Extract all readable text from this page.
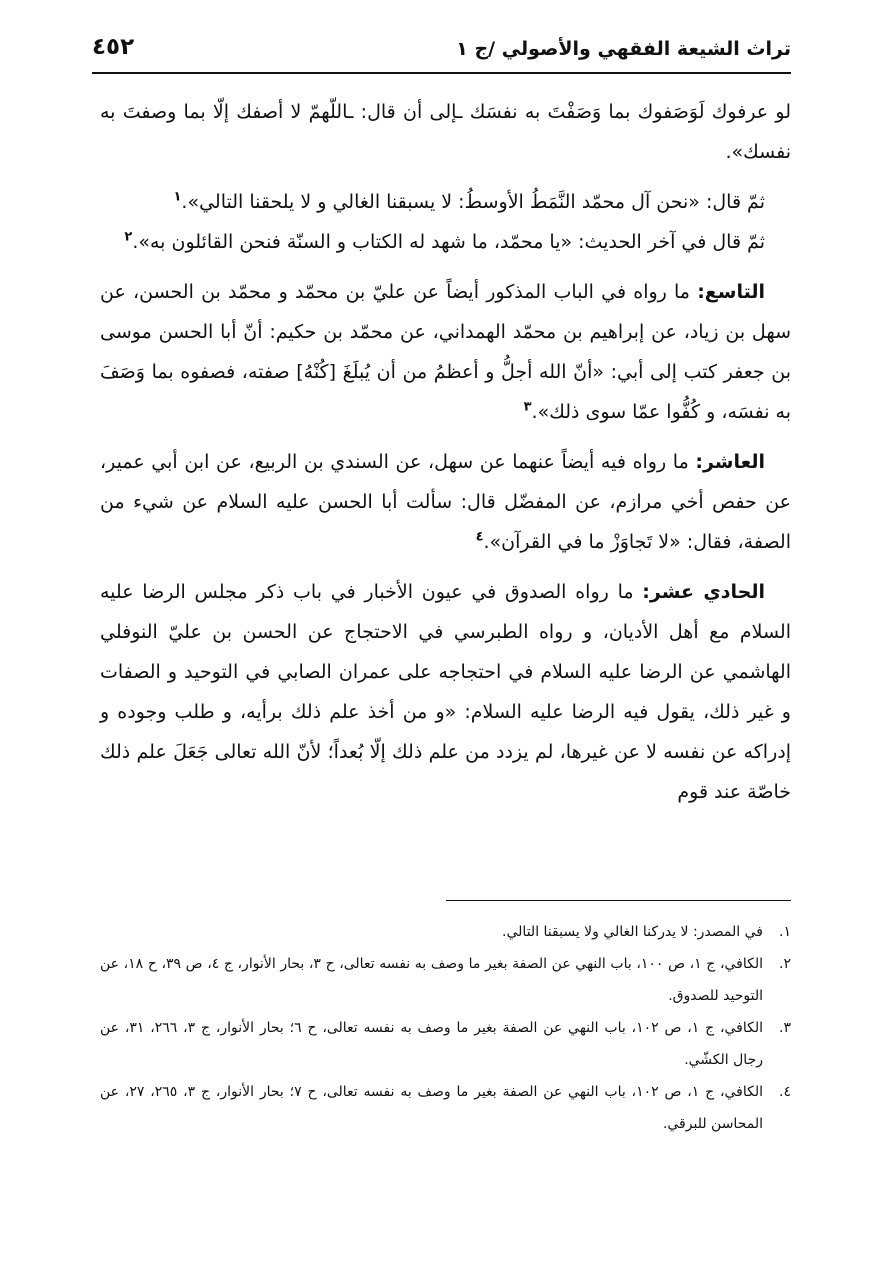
تراث الشيعة الفقهي والأصولي /ج ١
٤٥٢

لو عرفوك لَوَصَفوك بما وَصَفْتَ به نفسَك ـإلى أن قال: ـاللّهمّ لا أصفك إلّا بما وصفتَ به نفسك».

ثمّ قال: «نحن آل محمّد النَّمَطُ الأوسطُ: لا يسبقنا الغالي و لا يلحقنا التالي».$^١$

ثمّ قال في آخر الحديث: «يا محمّد، ما شهد له الكتاب و السنّة فنحن القائلون به».$^٢$

التاسع: ما رواه في الباب المذكور أيضاً عن عليّ بن محمّد و محمّد بن الحسن، عن سهل بن زياد، عن إبراهيم بن محمّد الهمداني، عن محمّد بن حكيم: أنّ أبا الحسن موسى بن جعفر كتب إلى أبي: «أنّ الله أجلُّ و أعظمُ من أن يُبلَغَ [كُنْهُ] صفته، فصفوه بما وَصَفَ به نفسَه، و كُفُّوا عمّا سوى ذلك».$^٣$

العاشر: ما رواه فيه أيضاً عنهما عن سهل، عن السندي بن الربيع، عن ابن أبي عمير، عن حفص أخي مرازم، عن المفضّل قال: سألت أبا الحسن عليه السلام عن شيء من الصفة، فقال: «لا تَجاوَزْ ما في القرآن».$^٤$

الحادي عشر: ما رواه الصدوق في عيون الأخبار في باب ذكر مجلس الرضا عليه السلام مع أهل الأديان، و رواه الطبرسي في الاحتجاج عن الحسن بن عليّ النوفلي الهاشمي عن الرضا عليه السلام في احتجاجه على عمران الصابي في التوحيد و الصفات و غير ذلك، يقول فيه الرضا عليه السلام: «و من أخذ علم ذلك برأيه، و طلب وجوده و إدراكه عن نفسه لا عن غيرها، لم يزدد من علم ذلك إلّا بُعداً؛ لأنّ الله تعالى جَعَلَ علم ذلك خاصّة عند قوم

١.
في المصدر: لا يدركنا الغالي ولا يسبقنا التالي.

٢.
الكافي، ج ١، ص ١٠٠، باب النهي عن الصفة بغير ما وصف به نفسه تعالى، ح ٣، بحار الأنوار، ج ٤، ص ٣٩، ح ١٨، عن التوحيد للصدوق.

٣.
الكافي، ج ١، ص ١٠٢، باب النهي عن الصفة بغير ما وصف به نفسه تعالى، ح ٦؛ بحار الأنوار، ج ٣، ٢٦٦، ٣١، عن رجال الكشّي.

٤.
الكافي، ج ١، ص ١٠٢، باب النهي عن الصفة بغير ما وصف به نفسه تعالى، ح ٧؛ بحار الأنوار، ج ٣، ٢٦٥، ٢٧، عن المحاسن للبرقي.
